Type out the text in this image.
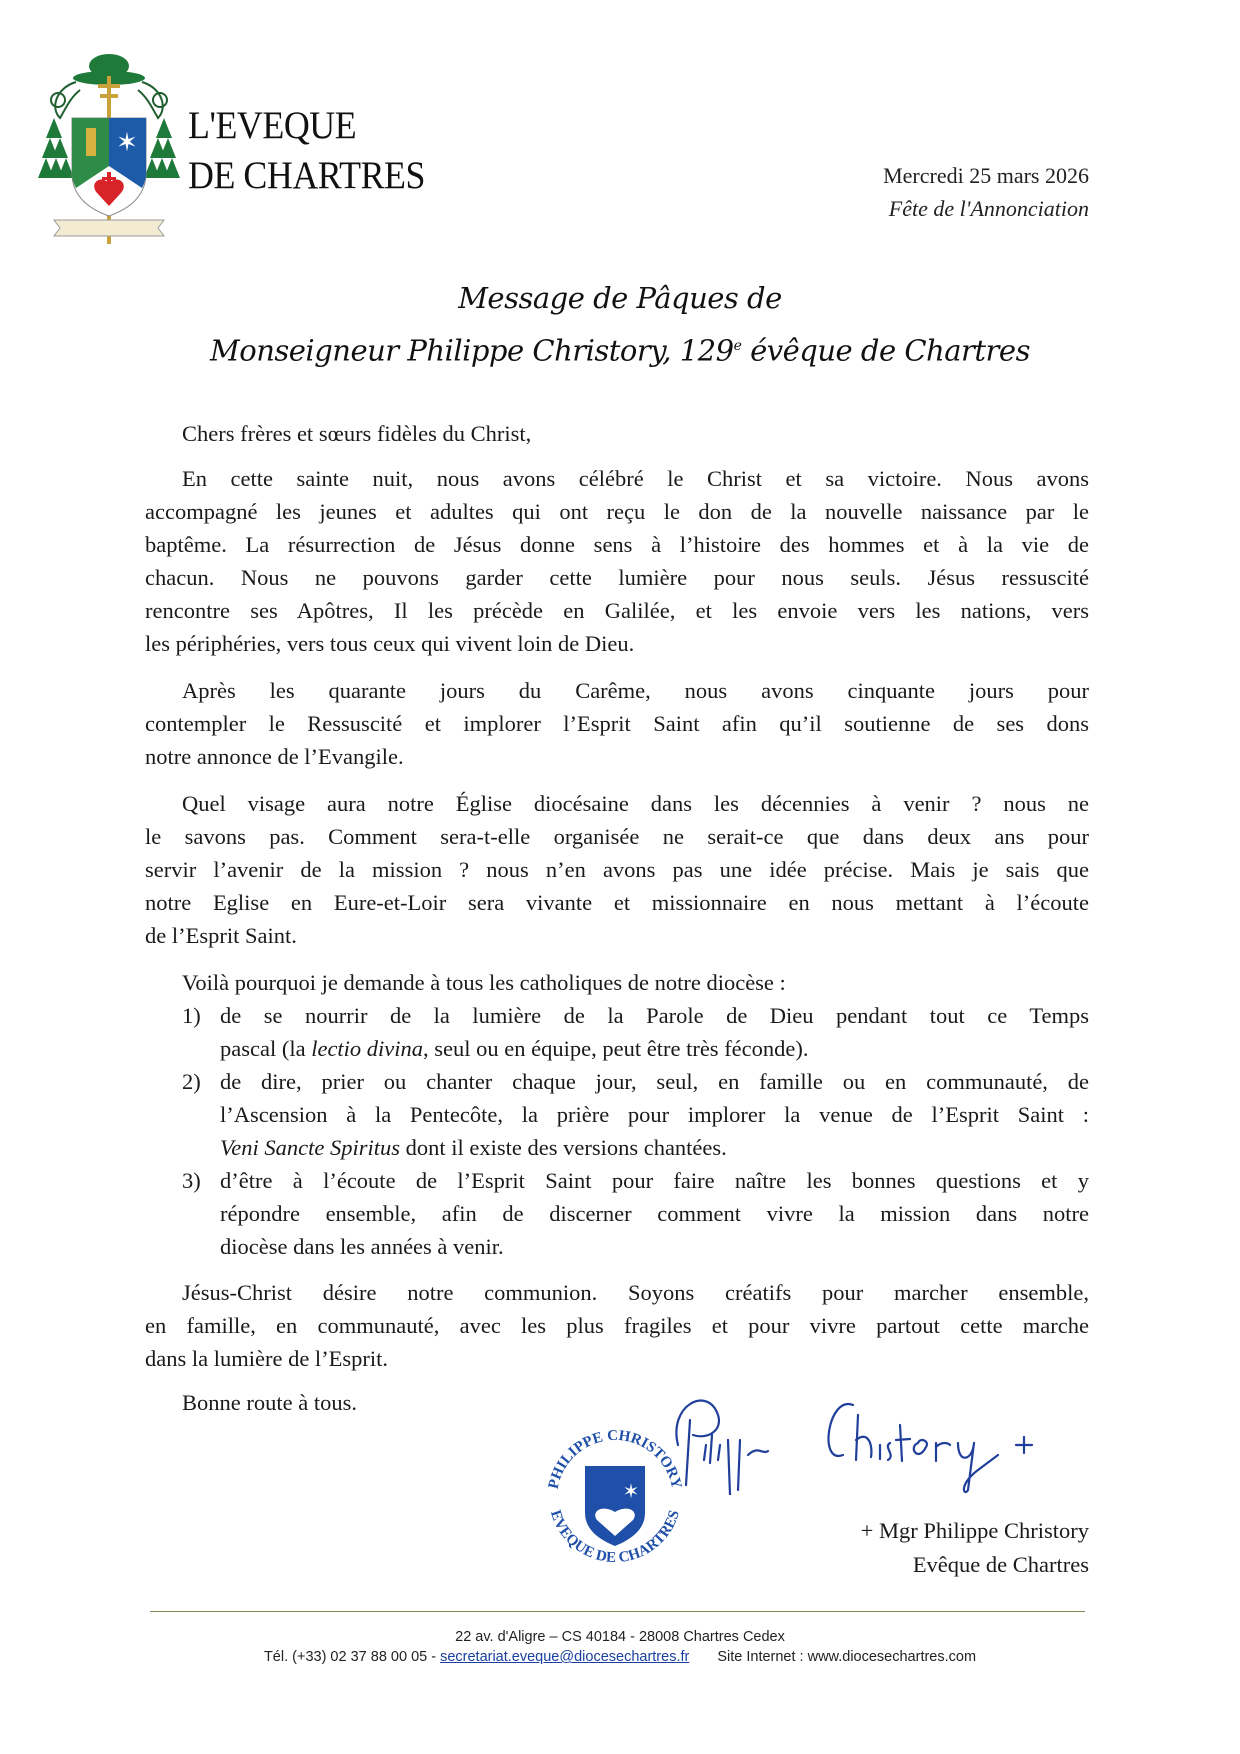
✶ L'EVEQUE
DE CHARTRES	Mercredi 25 mars 2026
Fête de l'Annonciation
Message de Pâques de
Monseigneur Philippe Christory, 129e évêque de Chartres
Chers frères et sœurs fidèles du Christ,
En cette sainte nuit, nous avons célébré le Christ et sa victoire. Nous avons
accompagné les jeunes et adultes qui ont reçu le don de la nouvelle naissance par le
baptême. La résurrection de Jésus donne sens à l’histoire des hommes et à la vie de
chacun. Nous ne pouvons garder cette lumière pour nous seuls. Jésus ressuscité
rencontre ses Apôtres, Il les précède en Galilée, et les envoie vers les nations, vers
les périphéries, vers tous ceux qui vivent loin de Dieu.
Après les quarante jours du Carême, nous avons cinquante jours pour
contempler le Ressuscité et implorer l’Esprit Saint afin qu’il soutienne de ses dons
notre annonce de l’Evangile.
Quel visage aura notre Église diocésaine dans les décennies à venir ? nous ne
le savons pas. Comment sera-t-elle organisée ne serait-ce que dans deux ans pour
servir l’avenir de la mission ? nous n’en avons pas une idée précise. Mais je sais que
notre Eglise en Eure-et-Loir sera vivante et missionnaire en nous mettant à l’écoute
de l’Esprit Saint.
Voilà pourquoi je demande à tous les catholiques de notre diocèse :
1) de se nourrir de la lumière de la Parole de Dieu pendant tout ce Temps
pascal (la lectio divina, seul ou en équipe, peut être très féconde).
2) de dire, prier ou chanter chaque jour, seul, en famille ou en communauté, de
l’Ascension à la Pentecôte, la prière pour implorer la venue de l’Esprit Saint :
Veni Sancte Spiritus dont il existe des versions chantées.
3) d’être à l’écoute de l’Esprit Saint pour faire naître les bonnes questions et y
répondre ensemble, afin de discerner comment vivre la mission dans notre
diocèse dans les années à venir.
Jésus-Christ désire notre communion. Soyons créatifs pour marcher ensemble,
en famille, en communauté, avec les plus fragiles et pour vivre partout cette marche
dans la lumière de l’Esprit.
Bonne route à tous.
PHILIPPE CHRISTORY
EVEQUE DE CHARTRES
✶
+ Mgr Philippe Christory
Evêque de Chartres
22 av. d'Aligre – CS 40184 - 28008 Chartres Cedex
Tél. (+33) 02 37 88 00 05 - secretariat.eveque@diocesechartres.fr Site Internet : www.diocesechartres.com
